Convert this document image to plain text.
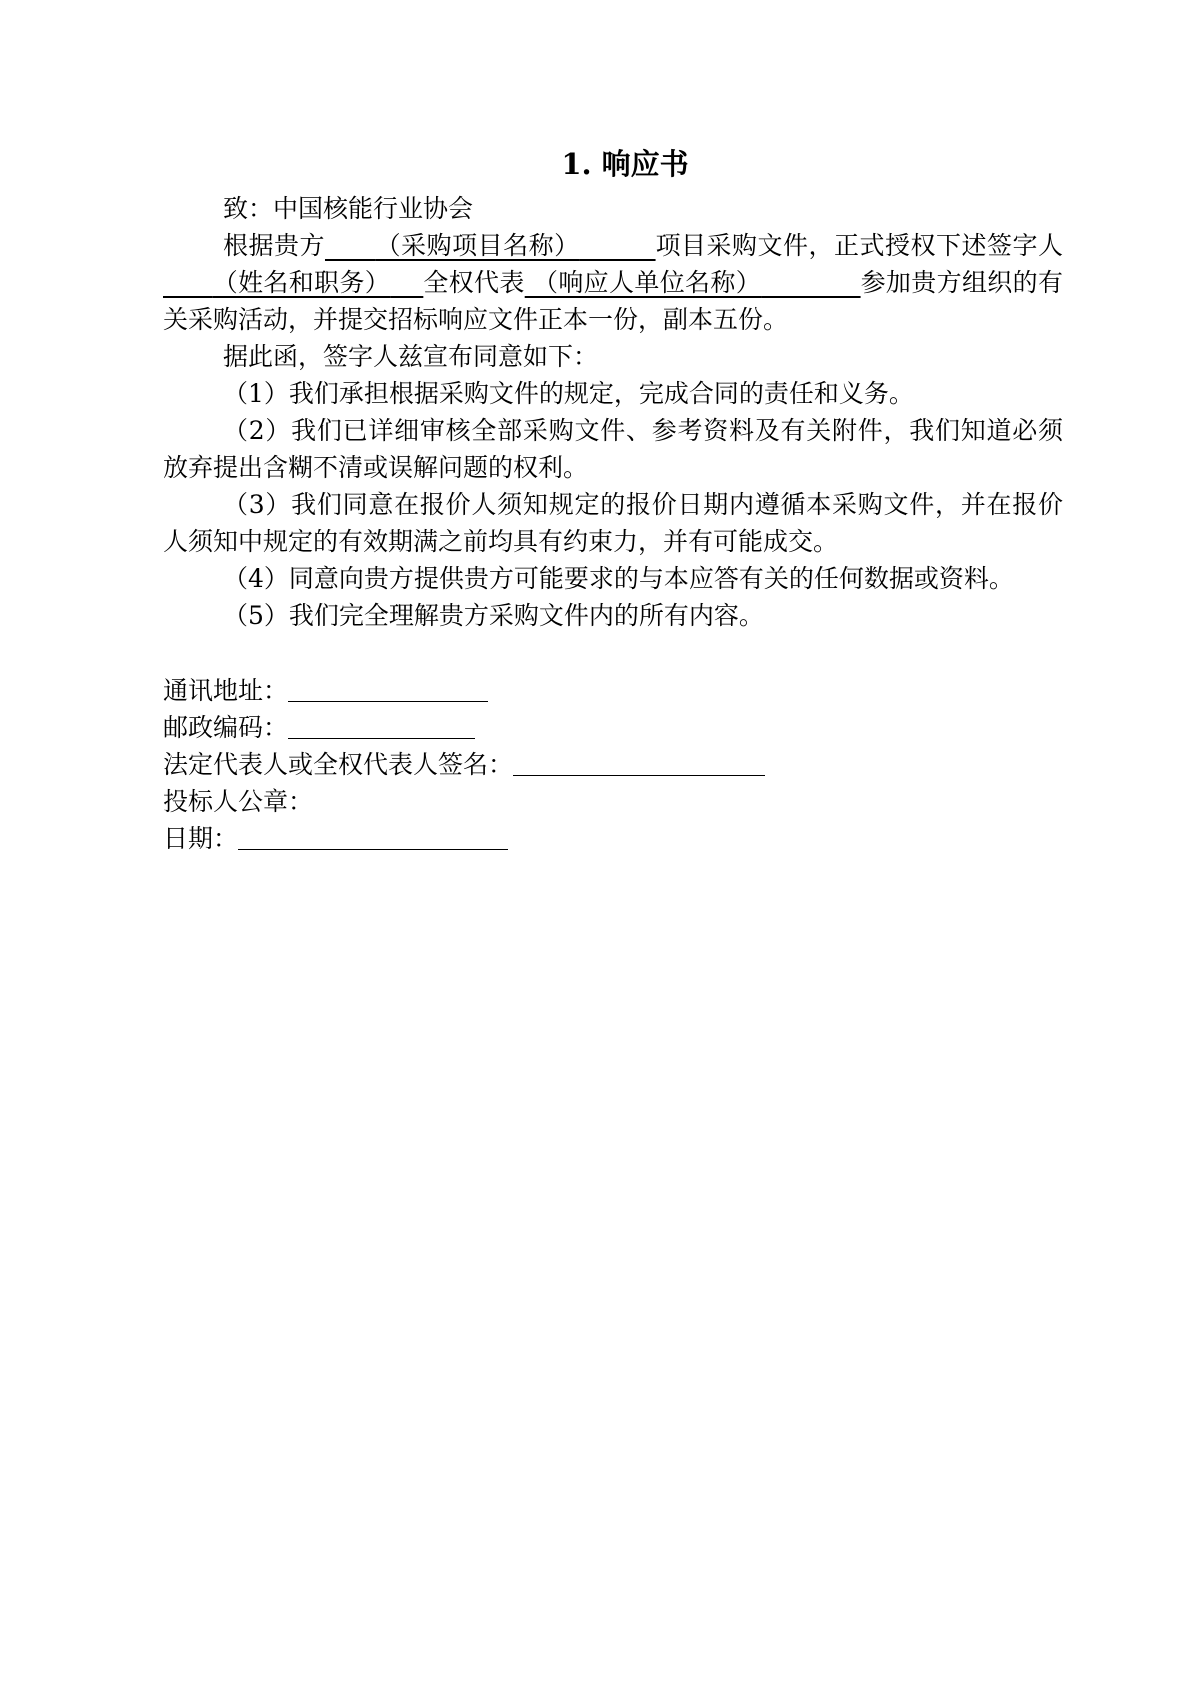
1. 响应书

致：中国核能行业协会

根据贵方 （采购项目名称）	项目采购文件，正式授权下述签字人      （姓名和职务） 全权代表 （响应人单位名称）	参加贵方组织的有关采购活动，并提交招标响应文件正本一份，副本五份。

据此函，签字人兹宣布同意如下：

（1）我们承担根据采购文件的规定，完成合同的责任和义务。

（2）我们已详细审核全部采购文件、参考资料及有关附件，我们知道必须放弃提出含糊不清或误解问题的权利。

（3）我们同意在报价人须知规定的报价日期内遵循本采购文件，并在报价人须知中规定的有效期满之前均具有约束力，并有可能成交。

（4）同意向贵方提供贵方可能要求的与本应答有关的任何数据或资料。

（5）我们完全理解贵方采购文件内的所有内容。

通讯地址：

邮政编码：

法定代表人或全权代表人签名：

投标人公章：

日期：
